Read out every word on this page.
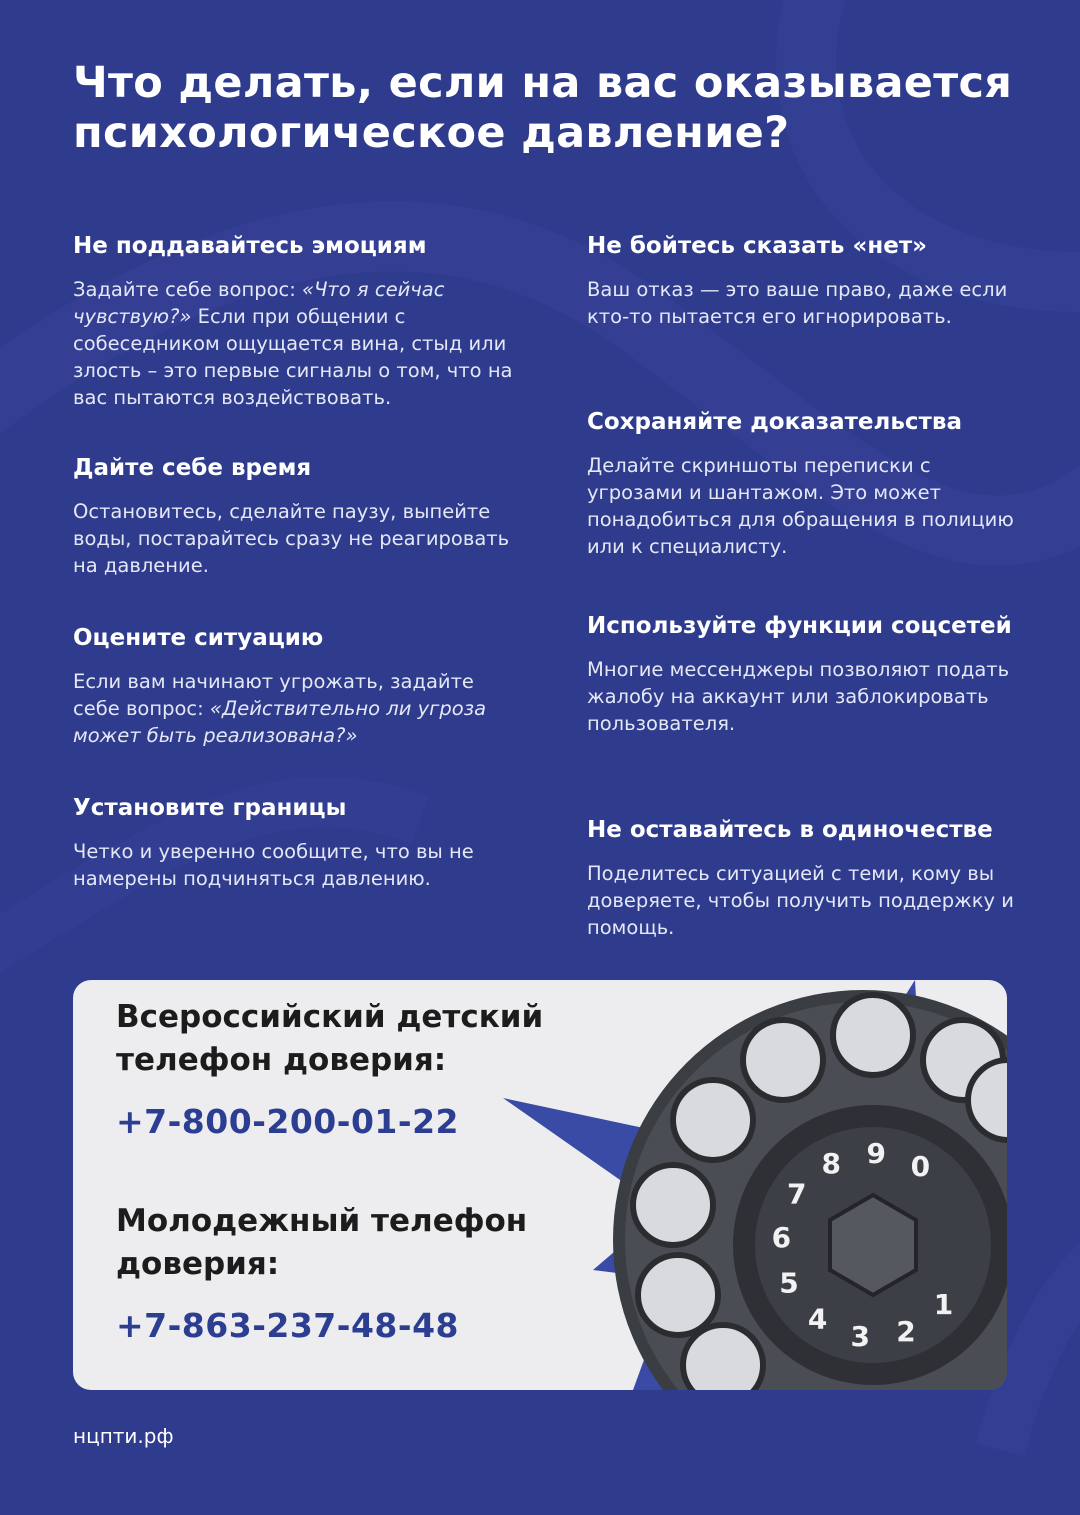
Что делать, если на вас оказывается психологическое давление?
Не поддавайтесь эмоциям

Задайте себе вопрос: «Что я сейчас чувствую?» Если при общении с собеседником ощущается вина, стыд или злость – это первые сигналы о том, что на вас пытаются воздействовать.

Дайте себе время

Остановитесь, сделайте паузу, выпейте воды, постарайтесь сразу не реагировать на давление.

Оцените ситуацию

Если вам начинают угрожать, задайте себе вопрос: «Действительно ли угроза может быть реализована?»

Установите границы

Четко и уверенно сообщите, что вы не намерены подчиняться давлению.

Не бойтесь сказать «нет»

Ваш отказ — это ваше право, даже если кто-то пытается его игнорировать.

Сохраняйте доказательства

Делайте скриншоты переписки с угрозами и шантажом. Это может понадобиться для обращения в полицию или к специалисту.

Используйте функции соцсетей

Многие мессенджеры позволяют подать жалобу на аккаунт или заблокировать пользователя.

Не оставайтесь в одиночестве

Поделитесь ситуацией с теми, кому вы доверяете, чтобы получить поддержку и помощь.

1
2
3
4
5
6
7
8 9 0
Всероссийский детский телефон доверия:
+7-800-200-01-22
Молодежный телефон доверия:
+7-863-237-48-48
нцпти.рф
